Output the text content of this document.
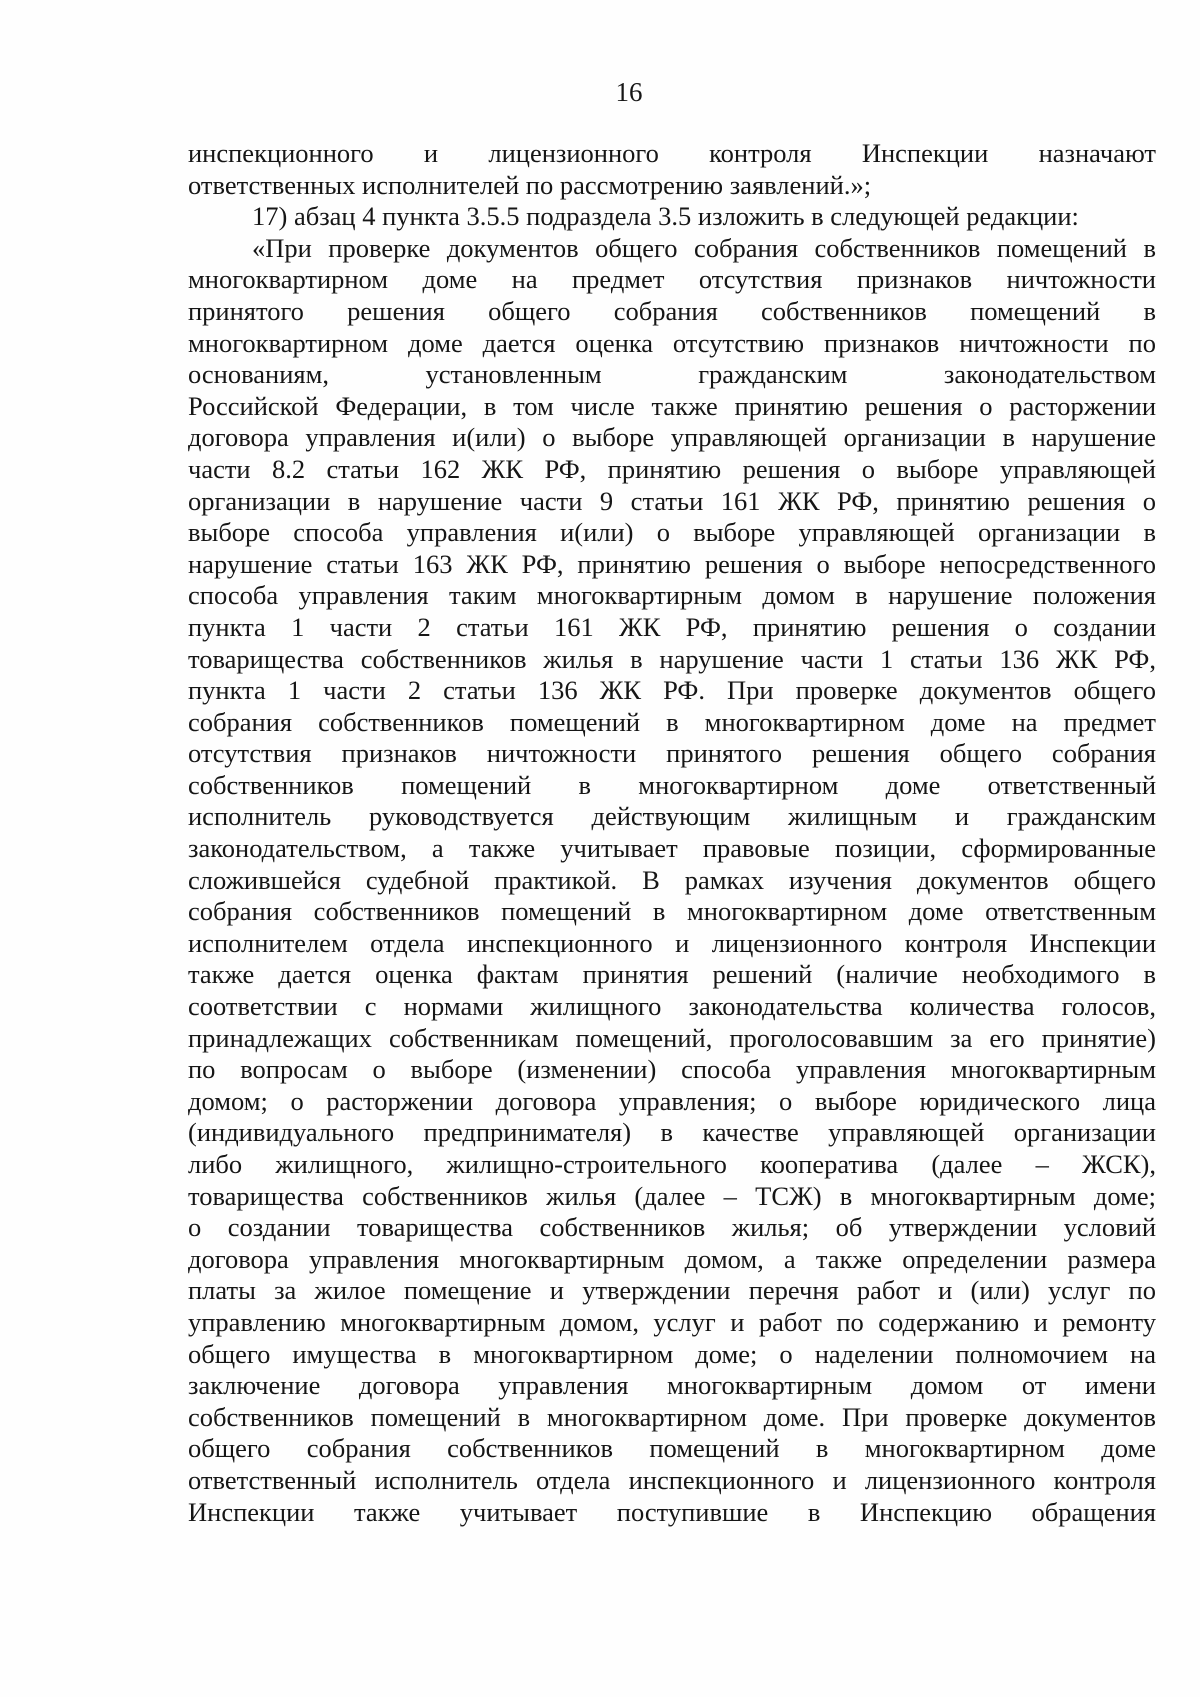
16
инспекционного и лицензионного контроля Инспекции назначают
ответственных исполнителей по рассмотрению заявлений.»;
17) абзац 4 пункта 3.5.5 подраздела 3.5 изложить в следующей редакции:
«При проверке документов общего собрания собственников помещений в
многоквартирном доме на предмет отсутствия признаков ничтожности
принятого решения общего собрания собственников помещений в
многоквартирном доме дается оценка отсутствию признаков ничтожности по
основаниям, установленным гражданским законодательством
Российской Федерации, в том числе также принятию решения о расторжении
договора управления и(или) о выборе управляющей организации в нарушение
части 8.2 статьи 162 ЖК РФ, принятию решения о выборе управляющей
организации в нарушение части 9 статьи 161 ЖК РФ, принятию решения о
выборе способа управления и(или) о выборе управляющей организации в
нарушение статьи 163 ЖК РФ, принятию решения о выборе непосредственного
способа управления таким многоквартирным домом в нарушение положения
пункта 1 части 2 статьи 161 ЖК РФ, принятию решения о создании
товарищества собственников жилья в нарушение части 1 статьи 136 ЖК РФ,
пункта 1 части 2 статьи 136 ЖК РФ. При проверке документов общего
собрания собственников помещений в многоквартирном доме на предмет
отсутствия признаков ничтожности принятого решения общего собрания
собственников помещений в многоквартирном доме ответственный
исполнитель руководствуется действующим жилищным и гражданским
законодательством, а также учитывает правовые позиции, сформированные
сложившейся судебной практикой. В рамках изучения документов общего
собрания собственников помещений в многоквартирном доме ответственным
исполнителем отдела инспекционного и лицензионного контроля Инспекции
также дается оценка фактам принятия решений (наличие необходимого в
соответствии с нормами жилищного законодательства количества голосов,
принадлежащих собственникам помещений, проголосовавшим за его принятие)
по вопросам о выборе (изменении) способа управления многоквартирным
домом; о расторжении договора управления; о выборе юридического лица
(индивидуального предпринимателя) в качестве управляющей организации
либо жилищного, жилищно-строительного кооператива (далее – ЖСК),
товарищества собственников жилья (далее – ТСЖ) в многоквартирным доме;
о создании товарищества собственников жилья; об утверждении условий
договора управления многоквартирным домом, а также определении размера
платы за жилое помещение и утверждении перечня работ и (или) услуг по
управлению многоквартирным домом, услуг и работ по содержанию и ремонту
общего имущества в многоквартирном доме; о наделении полномочием на
заключение договора управления многоквартирным домом от имени
собственников помещений в многоквартирном доме. При проверке документов
общего собрания собственников помещений в многоквартирном доме
ответственный исполнитель отдела инспекционного и лицензионного контроля
Инспекции также учитывает поступившие в Инспекцию обращения
